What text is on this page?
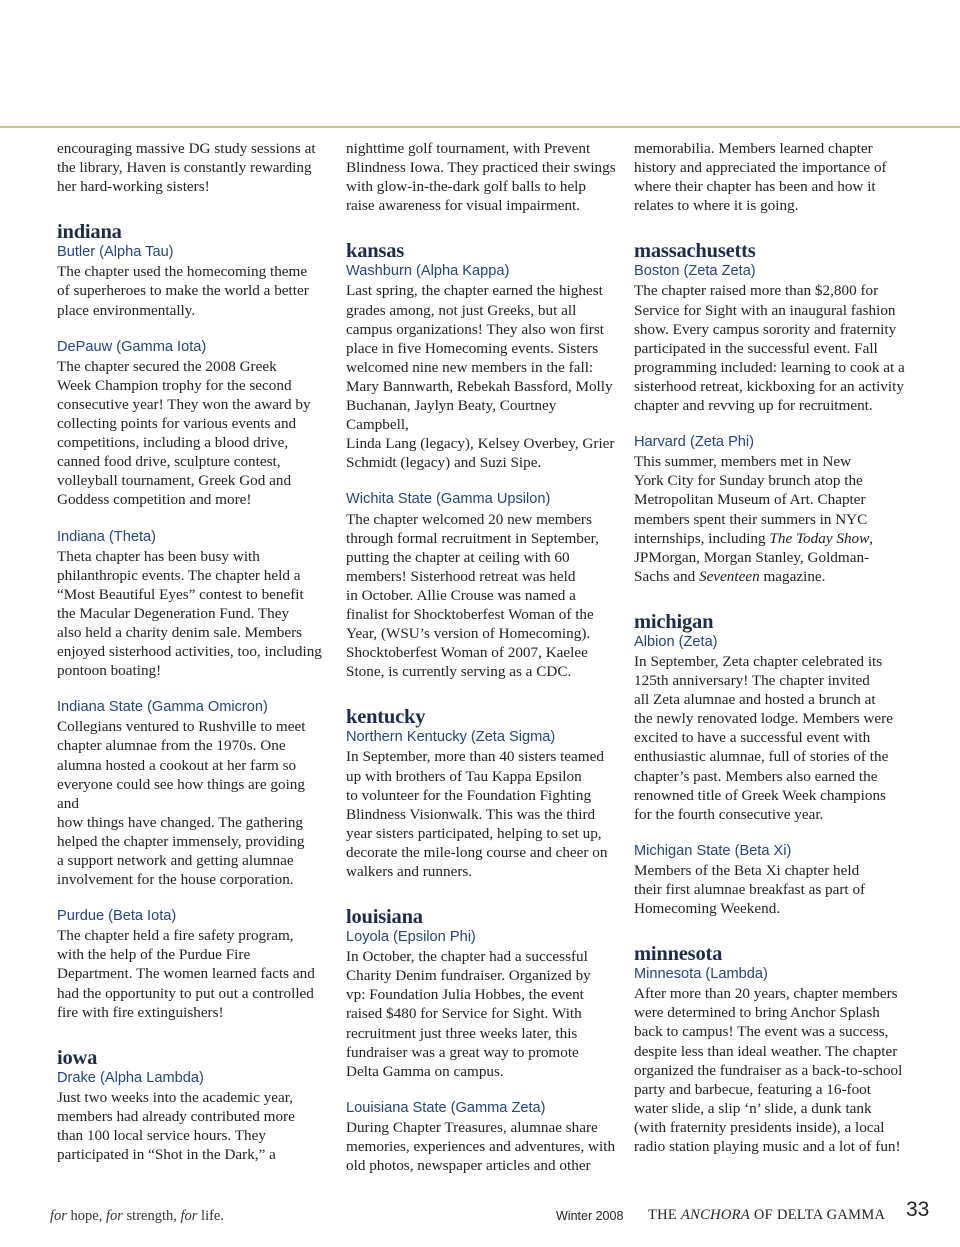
encouraging massive DG study sessions at
the library, Haven is constantly rewarding
her hard-working sisters!

indiana

Butler (Alpha Tau)

The chapter used the homecoming theme
of superheroes to make the world a better
place environmentally.

DePauw (Gamma Iota)

The chapter secured the 2008 Greek
Week Champion trophy for the second
consecutive year! They won the award by
collecting points for various events and
competitions, including a blood drive,
canned food drive, sculpture contest,
volleyball tournament, Greek God and
Goddess competition and more!

Indiana (Theta)

Theta chapter has been busy with
philanthropic events. The chapter held a
“Most Beautiful Eyes” contest to benefit
the Macular Degeneration Fund. They
also held a charity denim sale. Members
enjoyed sisterhood activities, too, including
pontoon boating!

Indiana State (Gamma Omicron)

Collegians ventured to Rushville to meet
chapter alumnae from the 1970s. One
alumna hosted a cookout at her farm so
everyone could see how things are going and
how things have changed. The gathering
helped the chapter immensely, providing
a support network and getting alumnae
involvement for the house corporation.

Purdue (Beta Iota)

The chapter held a fire safety program,
with the help of the Purdue Fire
Department. The women learned facts and
had the opportunity to put out a controlled
fire with fire extinguishers!

iowa

Drake (Alpha Lambda)

Just two weeks into the academic year,
members had already contributed more
than 100 local service hours. They
participated in “Shot in the Dark,” a

nighttime golf tournament, with Prevent
Blindness Iowa. They practiced their swings
with glow-in-the-dark golf balls to help
raise awareness for visual impairment.

kansas

Washburn (Alpha Kappa)

Last spring, the chapter earned the highest
grades among, not just Greeks, but all
campus organizations! They also won first
place in five Homecoming events. Sisters
welcomed nine new members in the fall:
Mary Bannwarth, Rebekah Bassford, Molly
Buchanan, Jaylyn Beaty, Courtney Campbell,
Linda Lang (legacy), Kelsey Overbey, Grier
Schmidt (legacy) and Suzi Sipe.

Wichita State (Gamma Upsilon)

The chapter welcomed 20 new members
through formal recruitment in September,
putting the chapter at ceiling with 60
members! Sisterhood retreat was held
in October. Allie Crouse was named a
finalist for Shocktoberfest Woman of the
Year, (WSU’s version of Homecoming).
Shocktoberfest Woman of 2007, Kaelee
Stone, is currently serving as a CDC.

kentucky

Northern Kentucky (Zeta Sigma)

In September, more than 40 sisters teamed
up with brothers of Tau Kappa Epsilon
to volunteer for the Foundation Fighting
Blindness Visionwalk. This was the third
year sisters participated, helping to set up,
decorate the mile-long course and cheer on
walkers and runners.

louisiana

Loyola (Epsilon Phi)

In October, the chapter had a successful
Charity Denim fundraiser. Organized by
vp: Foundation Julia Hobbes, the event
raised $480 for Service for Sight. With
recruitment just three weeks later, this
fundraiser was a great way to promote
Delta Gamma on campus.

Louisiana State (Gamma Zeta)

During Chapter Treasures, alumnae share
memories, experiences and adventures, with
old photos, newspaper articles and other

memorabilia. Members learned chapter
history and appreciated the importance of
where their chapter has been and how it
relates to where it is going.

massachusetts

Boston (Zeta Zeta)

The chapter raised more than $2,800 for
Service for Sight with an inaugural fashion
show. Every campus sorority and fraternity
participated in the successful event. Fall
programming included: learning to cook at a
sisterhood retreat, kickboxing for an activity
chapter and revving up for recruitment.

Harvard (Zeta Phi)

This summer, members met in New
York City for Sunday brunch atop the
Metropolitan Museum of Art. Chapter
members spent their summers in NYC
internships, including The Today Show,
JPMorgan, Morgan Stanley, Goldman-
Sachs and Seventeen magazine.

michigan

Albion (Zeta)

In September, Zeta chapter celebrated its
125th anniversary! The chapter invited
all Zeta alumnae and hosted a brunch at
the newly renovated lodge. Members were
excited to have a successful event with
enthusiastic alumnae, full of stories of the
chapter’s past. Members also earned the
renowned title of Greek Week champions
for the fourth consecutive year.

Michigan State (Beta Xi)

Members of the Beta Xi chapter held
their first alumnae breakfast as part of
Homecoming Weekend.

minnesota

Minnesota (Lambda)

After more than 20 years, chapter members
were determined to bring Anchor Splash
back to campus! The event was a success,
despite less than ideal weather. The chapter
organized the fundraiser as a back-to-school
party and barbecue, featuring a 16-foot
water slide, a slip ‘n’ slide, a dunk tank
(with fraternity presidents inside), a local
radio station playing music and a lot of fun!

for hope, for strength, for life.	Winter 2008 THE ANCHORA OF DELTA GAMMA 33
